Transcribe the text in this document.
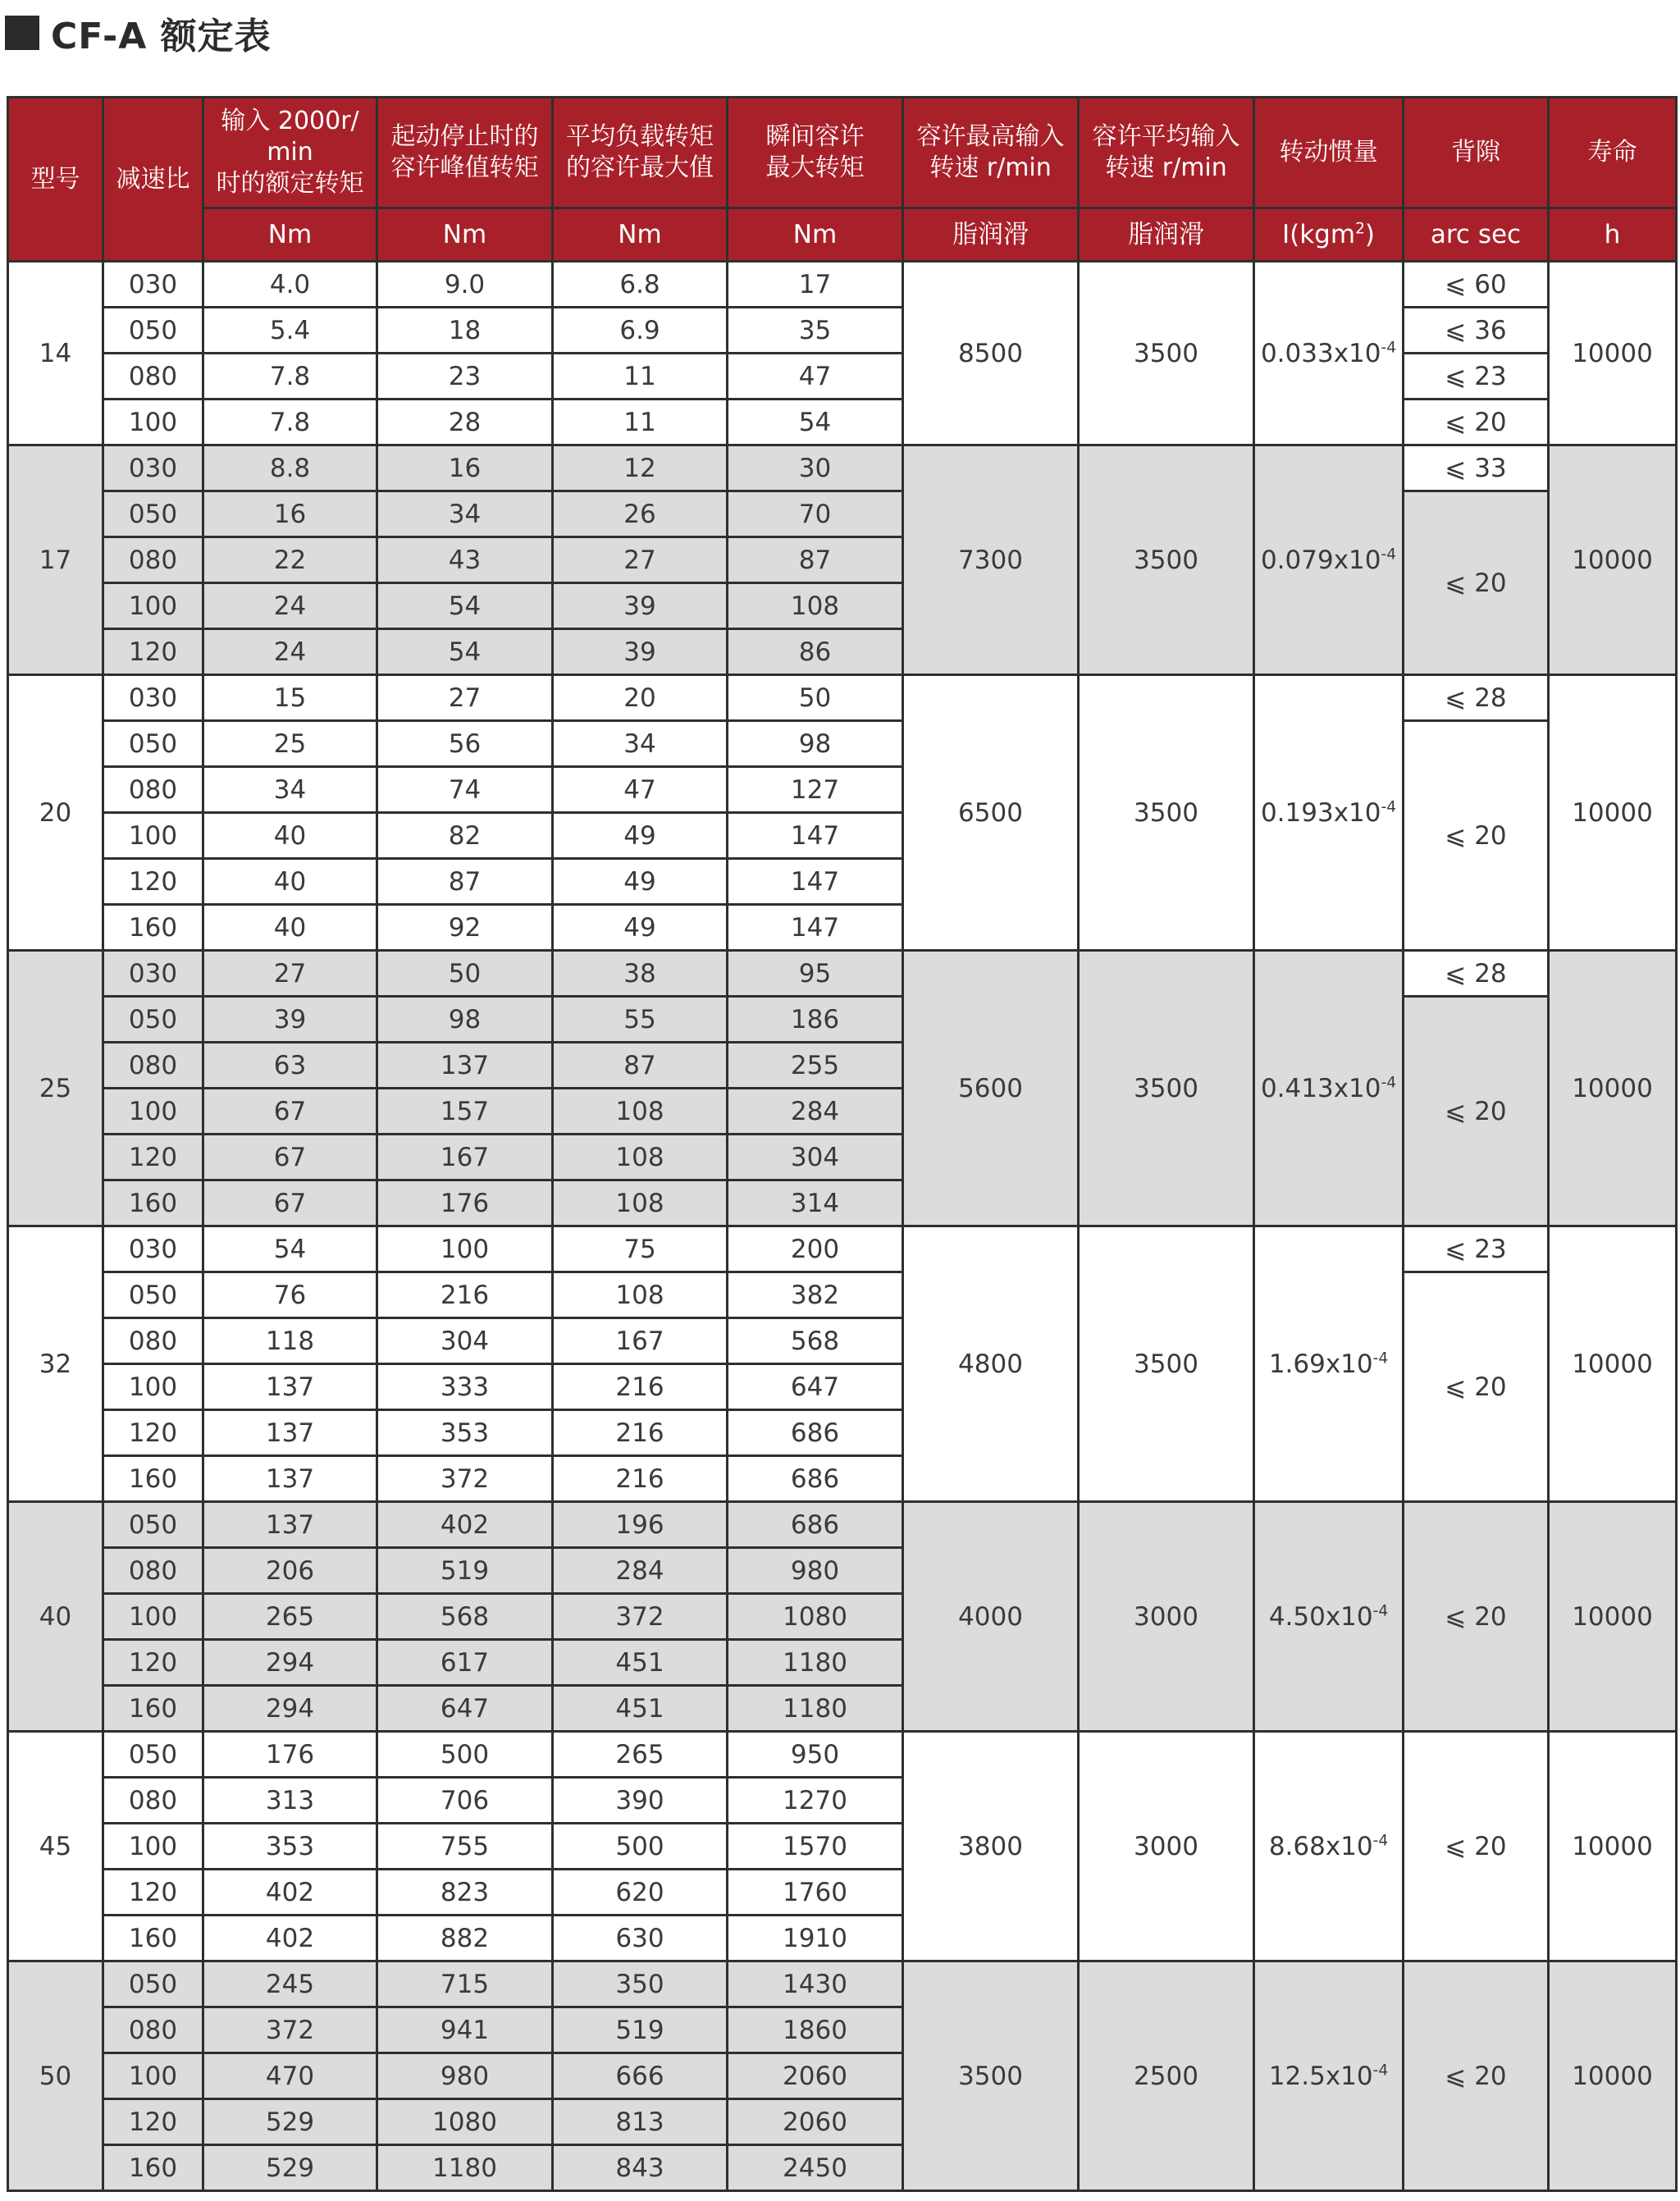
CF-A 额定表
型号	减速比	输入 2000r/
min
时的额定转矩	起动停止时的
容许峰值转矩	平均负载转矩
的容许最大值	瞬间容许
最大转矩	容许最高输入
转速 r/min	容许平均输入
转速 r/min	转动惯量	背隙	寿命
		Nm	Nm	Nm	Nm	脂润滑	脂润滑	I(kgm$^2$)	arc sec	h
14	030	4.0	9.0	6.8	17	8500	3500	$0.033x10^{-4}$	⩽ 60	10000
	050	5.4	18	6.9	35				⩽ 36	
	080	7.8	23	11	47				⩽ 23	
	100	7.8	28	11	54				⩽ 20	
17	030	8.8	16	12	30	7300	3500	$0.079x10^{-4}$	⩽ 33	10000
	050	16	34	26	70				⩽ 20	
	080	22	43	27	87					
	100	24	54	39	108					
	120	24	54	39	86					
20	030	15	27	20	50	6500	3500	$0.193x10^{-4}$	⩽ 28	10000
	050	25	56	34	98				⩽ 20	
	080	34	74	47	127					
	100	40	82	49	147					
	120	40	87	49	147					
	160	40	92	49	147					
25	030	27	50	38	95	5600	3500	$0.413x10^{-4}$	⩽ 28	10000
	050	39	98	55	186				⩽ 20	
	080	63	137	87	255					
	100	67	157	108	284					
	120	67	167	108	304					
	160	67	176	108	314					
32	030	54	100	75	200	4800	3500	$1.69x10^{-4}$	⩽ 23	10000
	050	76	216	108	382				⩽ 20	
	080	118	304	167	568					
	100	137	333	216	647					
	120	137	353	216	686					
	160	137	372	216	686					
40	050	137	402	196	686	4000	3000	$4.50x10^{-4}$	⩽ 20	10000
	080	206	519	284	980					
	100	265	568	372	1080					
	120	294	617	451	1180					
	160	294	647	451	1180					
45	050	176	500	265	950	3800	3000	$8.68x10^{-4}$	⩽ 20	10000
	080	313	706	390	1270					
	100	353	755	500	1570					
	120	402	823	620	1760					
	160	402	882	630	1910					
50	050	245	715	350	1430	3500	2500	$12.5x10^{-4}$	⩽ 20	10000
	080	372	941	519	1860					
	100	470	980	666	2060					
	120	529	1080	813	2060					
	160	529	1180	843	2450					
